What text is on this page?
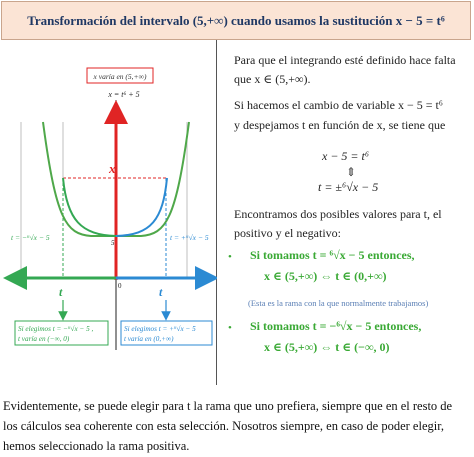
Transformación del intervalo (5,+∞) cuando usamos la sustitución x − 5 = t⁶
x varía en (5,+∞)
x = t⁶ + 5
x
5
t = −⁶√x − 5	t = +⁶√x − 5
0
t	t
Si elegimos t = −⁶√x − 5 ,
t varía en (−∞, 0)
Si elegimos t = +⁶√x − 5
t varía en (0,+∞)
Para que el integrando esté definido hace falta
que x ∈ (5,+∞).
Si hacemos el cambio de variable x − 5 = t⁶
y despejamos t en función de x, se tiene que
x − 5 = t⁶
⇕
t = ±⁶√x − 5
Encontramos dos posibles valores para t, el
positivo y el negativo:
• Si tomamos t = ⁶√x − 5 entonces,
x ∈ (5,+∞) ⇔ t ∈ (0,+∞)
(Esta es la rama con la que normalmente trabajamos)
• Si tomamos t = −⁶√x − 5 entonces,
x ∈ (5,+∞) ⇔ t ∈ (−∞, 0)
Evidentemente, se puede elegir para t la rama que uno prefiera, siempre que en el resto de
los cálculos sea coherente con esta selección. Nosotros siempre, en caso de poder elegir,
hemos seleccionado la rama positiva.
